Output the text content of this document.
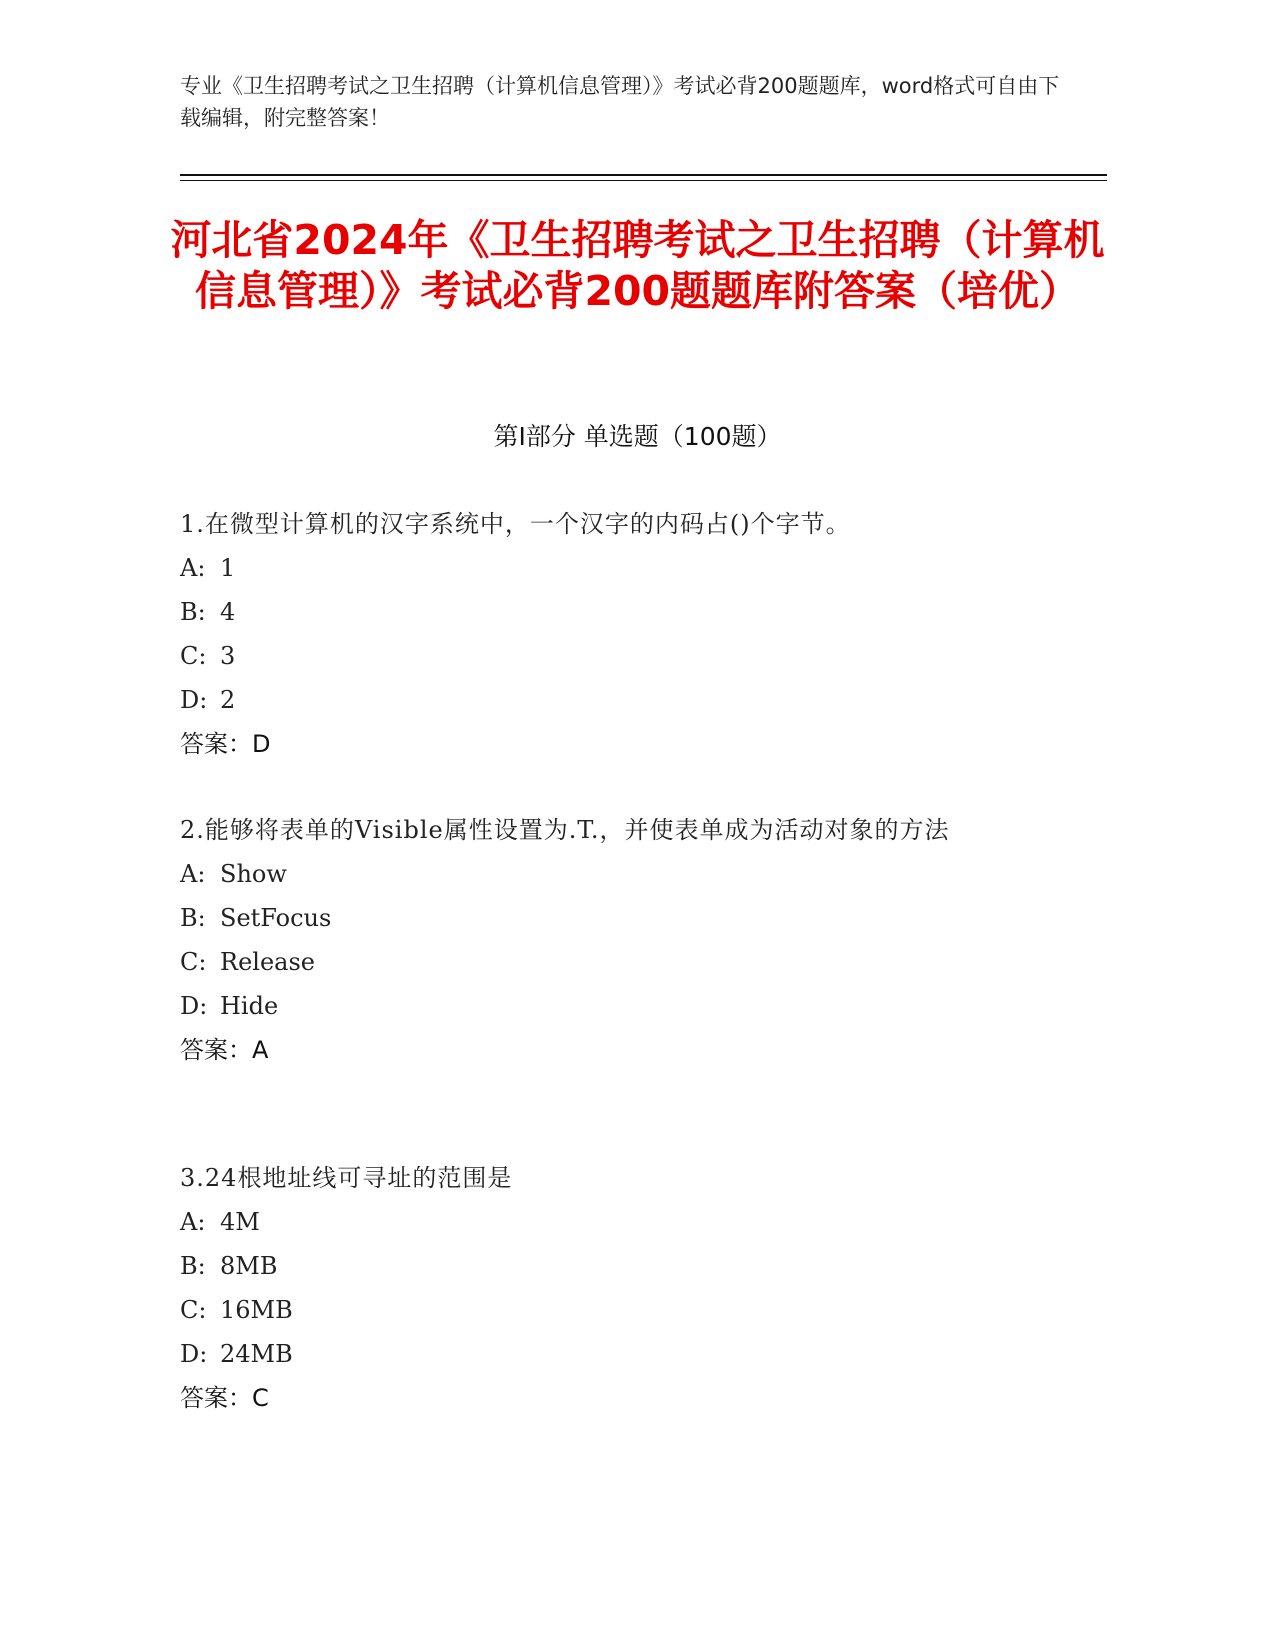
专业《卫生招聘考试之卫生招聘（计算机信息管理）》考试必背200题题库，word格式可自由下载编辑，附完整答案！
河北省2024年《卫生招聘考试之卫生招聘（计算机信息管理）》考试必背200题题库附答案（培优）
第Ⅰ部分 单选题（100题）
1.在微型计算机的汉字系统中，一个汉字的内码占()个字节。
A: 1
B: 4
C: 3
D: 2
答案：D
2.能够将表单的Visible属性设置为.T.，并使表单成为活动对象的方法
A: Show
B: SetFocus
C: Release
D: Hide
答案：A
3.24根地址线可寻址的范围是
A: 4M
B: 8MB
C: 16MB
D: 24MB
答案：C
